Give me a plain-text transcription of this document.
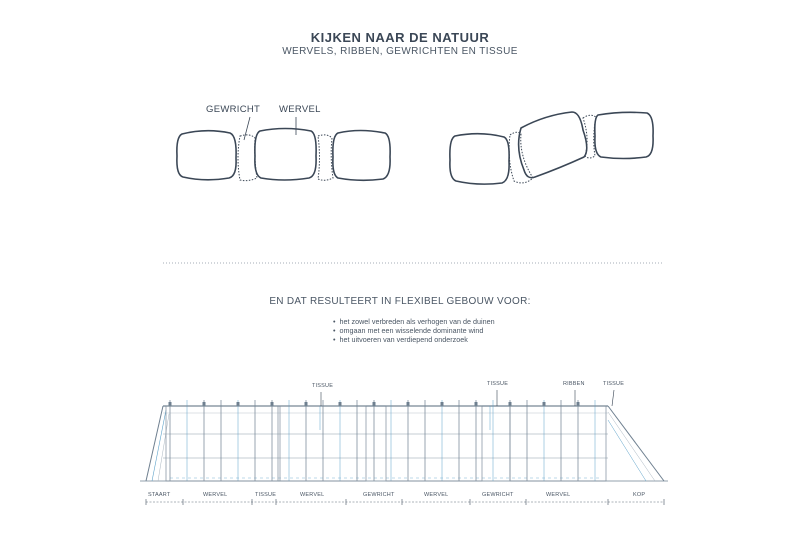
KIJKEN NAAR DE NATUUR
WERVELS, RIBBEN, GEWRICHTEN EN TISSUE
GEWRICHT WERVEL
EN DAT RESULTEERT IN FLEXIBEL GEBOUW VOOR:
• het zowel verbreden als verhogen van de duinen
• omgaan met een wisselende dominante wind
• het uitvoeren van verdiepend onderzoek
TISSUE	TISSUE	RIBBEN	TISSUE
STAART	WERVEL	TISSUE	WERVEL	GEWRICHT	WERVEL	GEWRICHT	WERVEL	KOP
